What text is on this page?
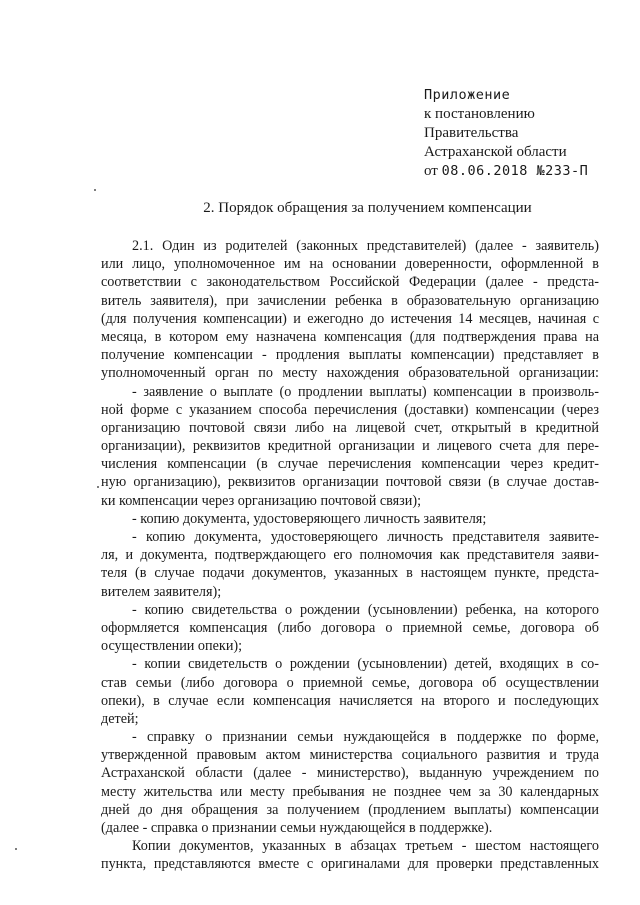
Приложение
к постановлению
Правительства
Астраханской области
от 08.06.2018 №233-П
2. Порядок обращения за получением компенсации
2.1. Один из родителей (законных представителей) (далее - заявитель)
или лицо, уполномоченное им на основании доверенности, оформленной в
соответствии с законодательством Российской Федерации (далее - предста-
витель заявителя), при зачислении ребенка в образовательную организацию
(для получения компенсации) и ежегодно до истечения 14 месяцев, начиная с
месяца, в котором ему назначена компенсация (для подтверждения права на
получение компенсации - продления выплаты компенсации) представляет в
уполномоченный орган по месту нахождения образовательной организации:
- заявление о выплате (о продлении выплаты) компенсации в произволь-
ной форме с указанием способа перечисления (доставки) компенсации (через
организацию почтовой связи либо на лицевой счет, открытый в кредитной
организации), реквизитов кредитной организации и лицевого счета для пере-
числения компенсации (в случае перечисления компенсации через кредит-
ную организацию), реквизитов организации почтовой связи (в случае достав-
ки компенсации через организацию почтовой связи);
- копию документа, удостоверяющего личность заявителя;
- копию документа, удостоверяющего личность представителя заявите-
ля, и документа, подтверждающего его полномочия как представителя заяви-
теля (в случае подачи документов, указанных в настоящем пункте, предста-
вителем заявителя);
- копию свидетельства о рождении (усыновлении) ребенка, на которого
оформляется компенсация (либо договора о приемной семье, договора об
осуществлении опеки);
- копии свидетельств о рождении (усыновлении) детей, входящих в со-
став семьи (либо договора о приемной семье, договора об осуществлении
опеки), в случае если компенсация начисляется на второго и последующих
детей;
- справку о признании семьи нуждающейся в поддержке по форме,
утвержденной правовым актом министерства социального развития и труда
Астраханской области (далее - министерство), выданную учреждением по
месту жительства или месту пребывания не позднее чем за 30 календарных
дней до дня обращения за получением (продлением выплаты) компенсации
(далее - справка о признании семьи нуждающейся в поддержке).
Копии документов, указанных в абзацах третьем - шестом настоящего
пункта, представляются вместе с оригиналами для проверки представленных
